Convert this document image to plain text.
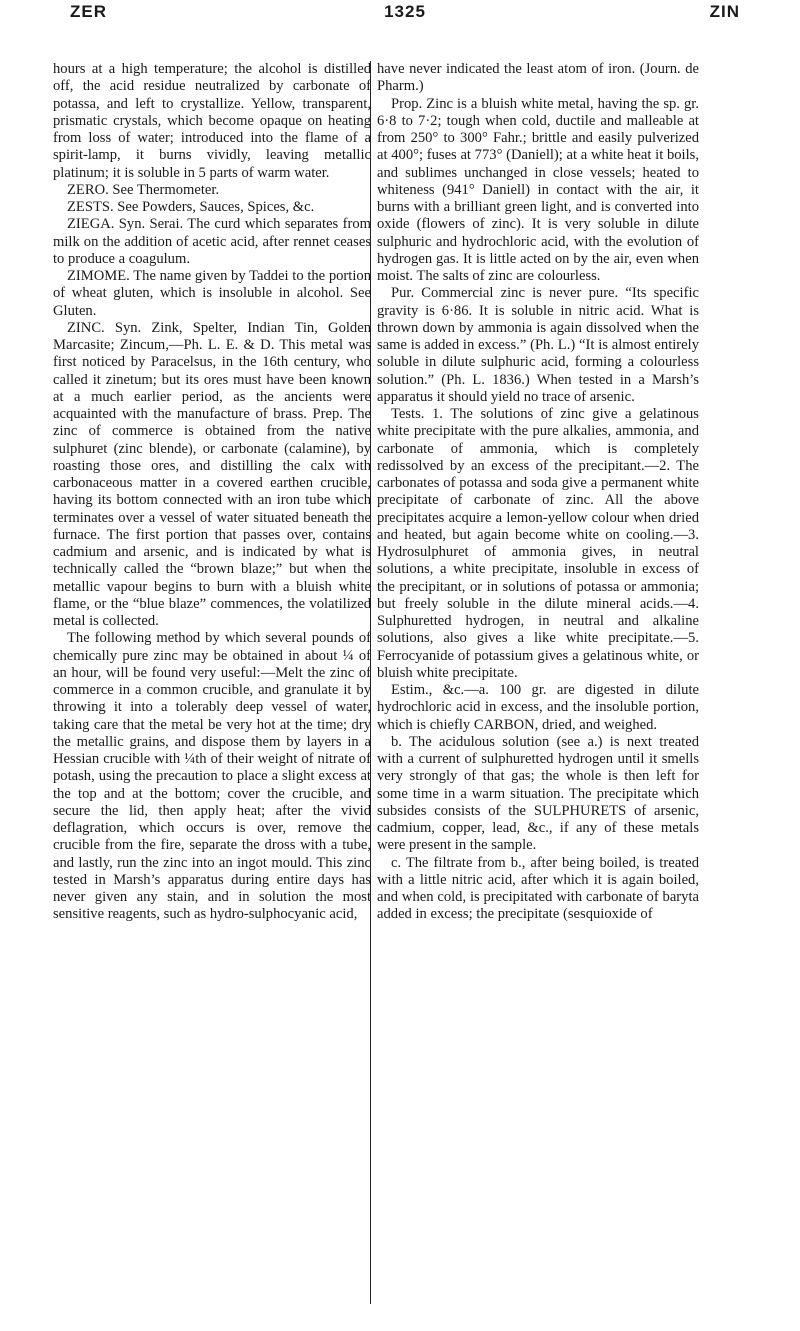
ZER	1325	ZIN

hours at a high temperature; the alcohol is distilled off, the acid residue neutralized by carbonate of potassa, and left to crystallize. Yellow, transparent, prismatic crystals, which become opaque on heating from loss of water; introduced into the flame of a spirit-lamp, it burns vividly, leaving metallic platinum; it is soluble in 5 parts of warm water.

ZERO. See Thermometer.

ZESTS. See Powders, Sauces, Spices, &c.

ZIEGA. Syn. Serai. The curd which separates from milk on the addition of acetic acid, after rennet ceases to produce a coagulum.

ZIMOME. The name given by Taddei to the portion of wheat gluten, which is insoluble in alcohol. See Gluten.

ZINC. Syn. Zink, Spelter, Indian Tin, Golden Marcasite; Zincum,—Ph. L. E. & D. This metal was first noticed by Paracelsus, in the 16th century, who called it zinetum; but its ores must have been known at a much earlier period, as the ancients were acquainted with the manufacture of brass. Prep. The zinc of commerce is obtained from the native sulphuret (zinc blende), or carbonate (calamine), by roasting those ores, and distilling the calx with carbonaceous matter in a covered earthen crucible, having its bottom connected with an iron tube which terminates over a vessel of water situated beneath the furnace. The first portion that passes over, contains cadmium and arsenic, and is indicated by what is technically called the “brown blaze;” but when the metallic vapour begins to burn with a bluish white flame, or the “blue blaze” commences, the volatilized metal is collected.

The following method by which several pounds of chemically pure zinc may be obtained in about ¼ of an hour, will be found very useful:—Melt the zinc of commerce in a common crucible, and granulate it by throwing it into a tolerably deep vessel of water, taking care that the metal be very hot at the time; dry the metallic grains, and dispose them by layers in a Hessian crucible with ¼th of their weight of nitrate of potash, using the precaution to place a slight excess at the top and at the bottom; cover the crucible, and secure the lid, then apply heat; after the vivid deflagration, which occurs is over, remove the crucible from the fire, separate the dross with a tube, and lastly, run the zinc into an ingot mould. This zinc tested in Marsh’s apparatus during entire days has never given any stain, and in solution the most sensitive reagents, such as hydro-sulphocyanic acid,

have never indicated the least atom of iron. (Journ. de Pharm.)

Prop. Zinc is a bluish white metal, having the sp. gr. 6·8 to 7·2; tough when cold, ductile and malleable at from 250° to 300° Fahr.; brittle and easily pulverized at 400°; fuses at 773° (Daniell); at a white heat it boils, and sublimes unchanged in close vessels; heated to whiteness (941° Daniell) in contact with the air, it burns with a brilliant green light, and is converted into oxide (flowers of zinc). It is very soluble in dilute sulphuric and hydrochloric acid, with the evolution of hydrogen gas. It is little acted on by the air, even when moist. The salts of zinc are colourless.

Pur. Commercial zinc is never pure. “Its specific gravity is 6·86. It is soluble in nitric acid. What is thrown down by ammonia is again dissolved when the same is added in excess.” (Ph. L.) “It is almost entirely soluble in dilute sulphuric acid, forming a colourless solution.” (Ph. L. 1836.) When tested in a Marsh’s apparatus it should yield no trace of arsenic.

Tests. 1. The solutions of zinc give a gelatinous white precipitate with the pure alkalies, ammonia, and carbonate of ammonia, which is completely redissolved by an excess of the precipitant.—2. The carbonates of potassa and soda give a permanent white precipitate of carbonate of zinc. All the above precipitates acquire a lemon-yellow colour when dried and heated, but again become white on cooling.—3. Hydrosulphuret of ammonia gives, in neutral solutions, a white precipitate, insoluble in excess of the precipitant, or in solutions of potassa or ammonia; but freely soluble in the dilute mineral acids.—4. Sulphuretted hydrogen, in neutral and alkaline solutions, also gives a like white precipitate.—5. Ferrocyanide of potassium gives a gelatinous white, or bluish white precipitate.

Estim., &c.—a. 100 gr. are digested in dilute hydrochloric acid in excess, and the insoluble portion, which is chiefly CARBON, dried, and weighed.

b. The acidulous solution (see a.) is next treated with a current of sulphuretted hydrogen until it smells very strongly of that gas; the whole is then left for some time in a warm situation. The precipitate which subsides consists of the SULPHURETS of arsenic, cadmium, copper, lead, &c., if any of these metals were present in the sample.

c. The filtrate from b., after being boiled, is treated with a little nitric acid, after which it is again boiled, and when cold, is precipitated with carbonate of baryta added in excess; the precipitate (sesquioxide of
